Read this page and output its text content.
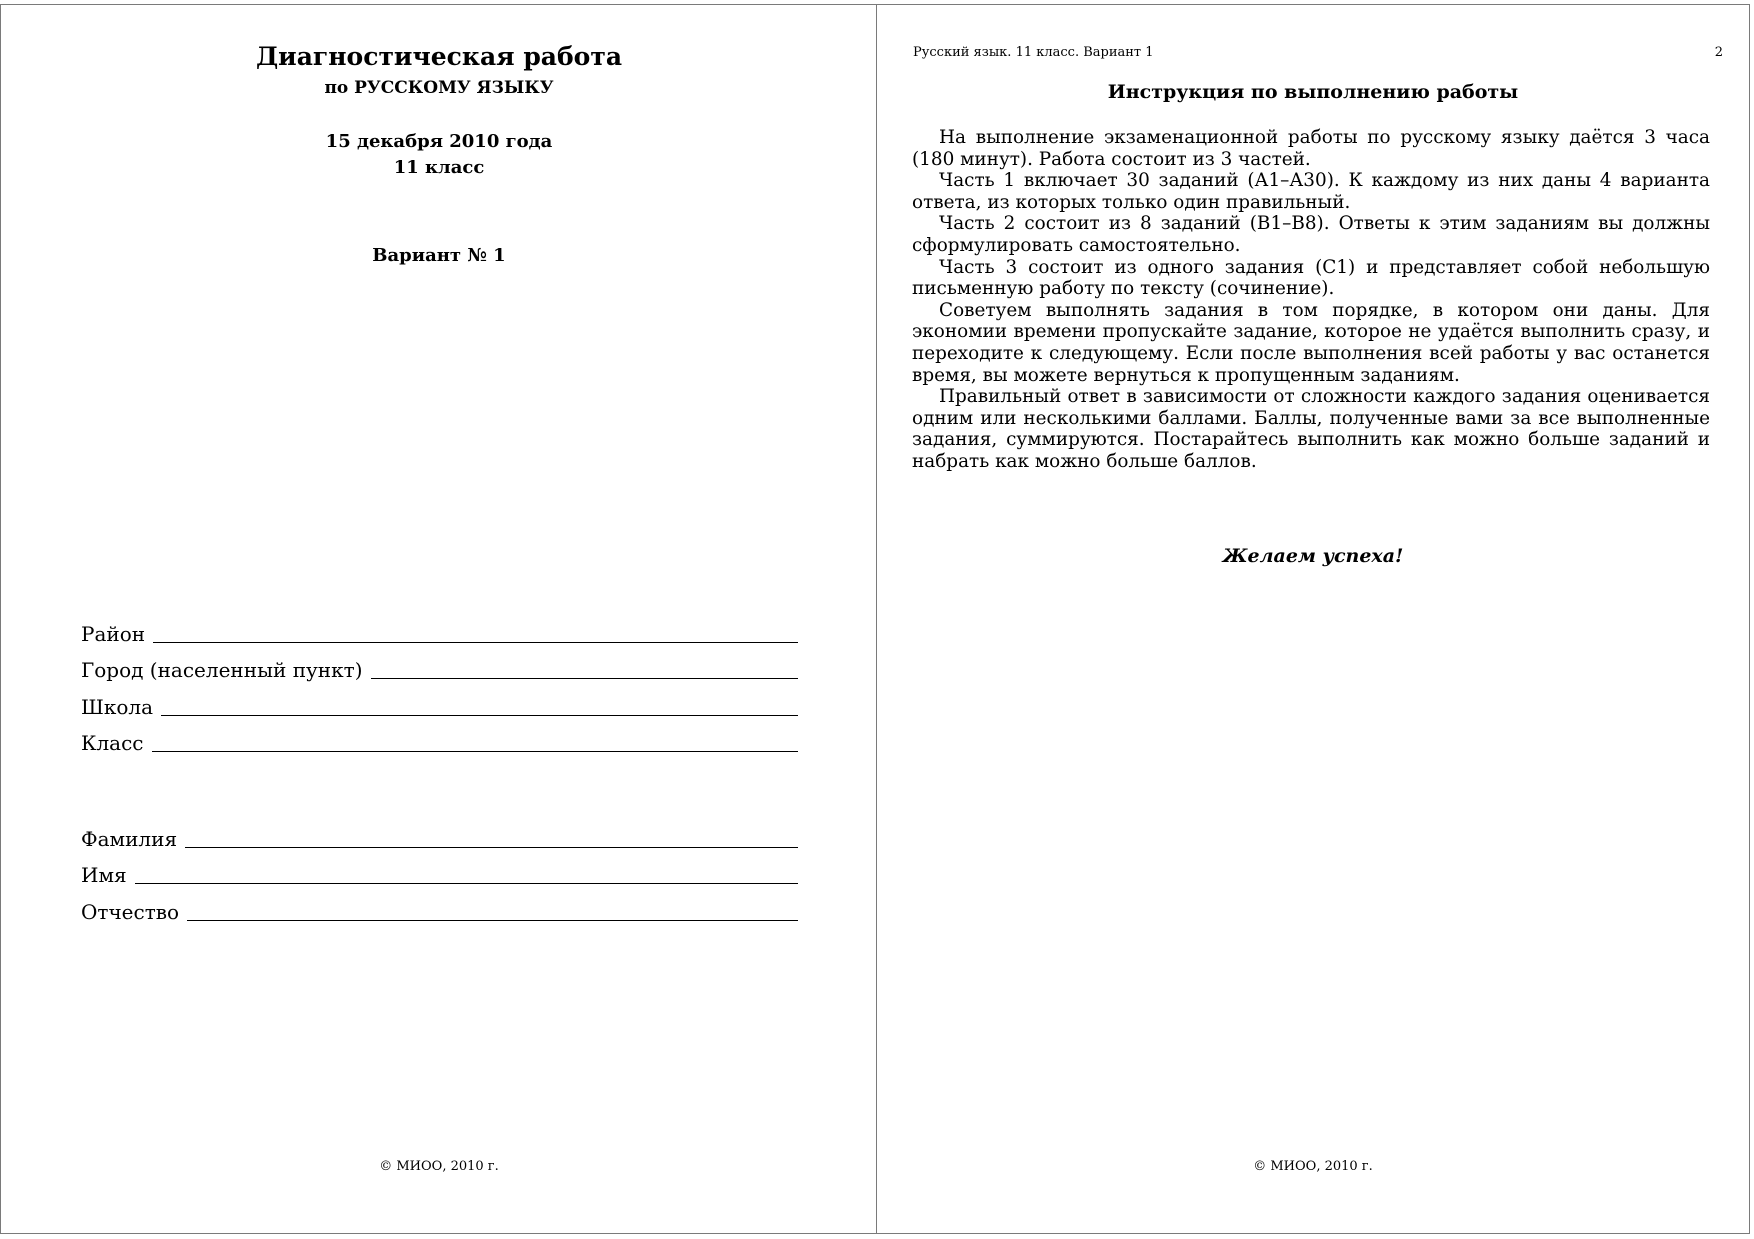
Диагностическая работа
по РУССКОМУ ЯЗЫКУ
15 декабря 2010 года
11 класс
Вариант № 1
Район
Город (населенный пункт)
Школа
Класс
Фамилия
Имя
Отчество
© МИОО, 2010 г.
Русский язык. 11 класс. Вариант 1	2
Инструкция по выполнению работы

На выполнение экзаменационной работы по русскому языку даётся 3 часа (180 минут). Работа состоит из 3 частей.

Часть 1 включает 30 заданий (А1–А30). К каждому из них даны 4 варианта ответа, из которых только один правильный.

Часть 2 состоит из 8 заданий (В1–В8). Ответы к этим заданиям вы должны сформулировать самостоятельно.

Часть 3 состоит из одного задания (С1) и представляет собой небольшую письменную работу по тексту (сочинение).

Советуем выполнять задания в том порядке, в котором они даны. Для экономии времени пропускайте задание, которое не удаётся выполнить сразу, и переходите к следующему. Если после выполнения всей работы у вас останется время, вы можете вернуться к пропущенным заданиям.

Правильный ответ в зависимости от сложности каждого задания оценивается одним или несколькими баллами. Баллы, полученные вами за все выполненные задания, суммируются. Постарайтесь выполнить как можно больше заданий и набрать как можно больше баллов.

Желаем успеха!
© МИОО, 2010 г.
